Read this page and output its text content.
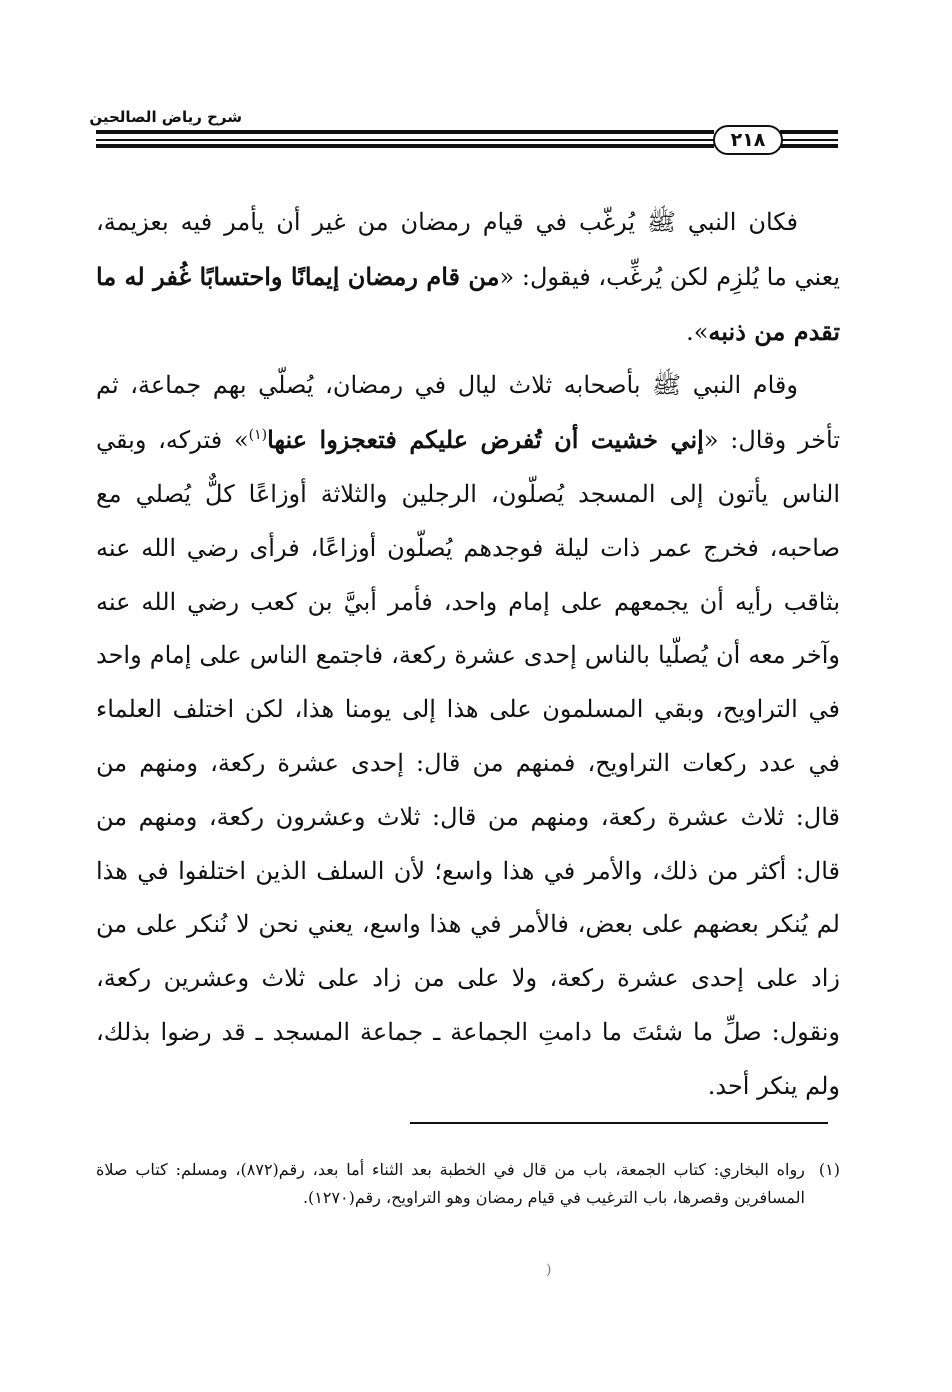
شرح رياض الصالحين
٢١٨

فكان النبي ﷺ يُرغّب في قيام رمضان من غير أن يأمر فيه بعزيمة، يعني ما يُلزِم لكن يُرغِّب، فيقول: «من قام رمضان إيمانًا واحتسابًا غُفر له ما تقدم من ذنبه».

وقام النبي ﷺ بأصحابه ثلاث ليال في رمضان، يُصلّي بهم جماعة، ثم تأخر وقال: «إني خشيت أن تُفرض عليكم فتعجزوا عنها$^{(١)}$» فتركه، وبقي الناس يأتون إلى المسجد يُصلّون، الرجلين والثلاثة أوزاعًا كلٌّ يُصلي مع صاحبه، فخرج عمر ذات ليلة فوجدهم يُصلّون أوزاعًا، فرأى رضي الله عنه بثاقب رأيه أن يجمعهم على إمام واحد، فأمر أبيَّ بن كعب رضي الله عنه وآخر معه أن يُصلّيا بالناس إحدى عشرة ركعة، فاجتمع الناس على إمام واحد في التراويح، وبقي المسلمون على هذا إلى يومنا هذا، لكن اختلف العلماء في عدد ركعات التراويح، فمنهم من قال: إحدى عشرة ركعة، ومنهم من قال: ثلاث عشرة ركعة، ومنهم من قال: ثلاث وعشرون ركعة، ومنهم من قال: أكثر من ذلك، والأمر في هذا واسع؛ لأن السلف الذين اختلفوا في هذا لم يُنكر بعضهم على بعض، فالأمر في هذا واسع، يعني نحن لا نُنكر على من زاد على إحدى عشرة ركعة، ولا على من زاد على ثلاث وعشرين ركعة، ونقول: صلِّ ما شئتَ ما دامتِ الجماعة ـ جماعة المسجد ـ قد رضوا بذلك، ولم ينكر أحد.

(١)
رواه البخاري: كتاب الجمعة، باب من قال في الخطبة بعد الثناء أما بعد، رقم(٨٧٢)، ومسلم: كتاب صلاة المسافرين وقصرها، باب الترغيب في قيام رمضان وهو التراويح، رقم(١٢٧٠).
(
